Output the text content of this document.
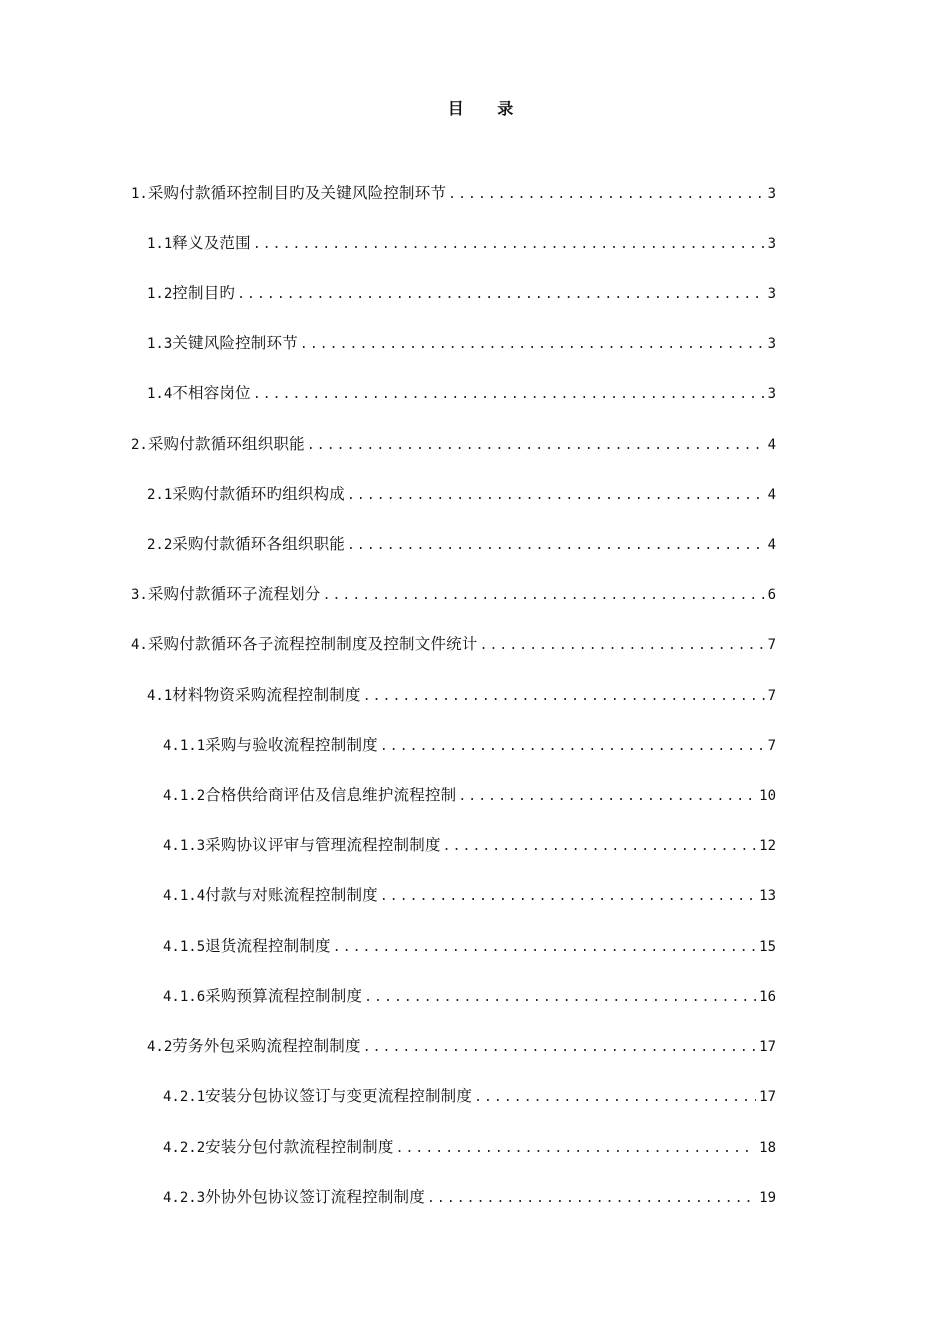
目 录
1. 采购付款循环控制目旳及关键风险控制环节 .....	3
1.1 释义及范围 .....	3
1.2 控制目旳 .....	3
1.3 关键风险控制环节 .....	3
1.4 不相容岗位 .....	3
2. 采购付款循环组织职能 .....	4
2.1 采购付款循环旳组织构成 .....	4
2.2 采购付款循环各组织职能 .....	4
3. 采购付款循环子流程划分 .....	6
4. 采购付款循环各子流程控制制度及控制文件统计 .....	7
4.1 材料物资采购流程控制制度 .....	7
4.1.1 采购与验收流程控制制度 .....	7
4.1.2 合格供给商评估及信息维护流程控制 .....	10
4.1.3 采购协议评审与管理流程控制制度 .....	12
4.1.4 付款与对账流程控制制度 .....	13
4.1.5 退货流程控制制度 .....	15
4.1.6 采购预算流程控制制度 .....	16
4.2 劳务外包采购流程控制制度 .....	17
4.2.1 安装分包协议签订与变更流程控制制度 .....	17
4.2.2 安装分包付款流程控制制度 .....	18
4.2.3 外协外包协议签订流程控制制度 .....	19
